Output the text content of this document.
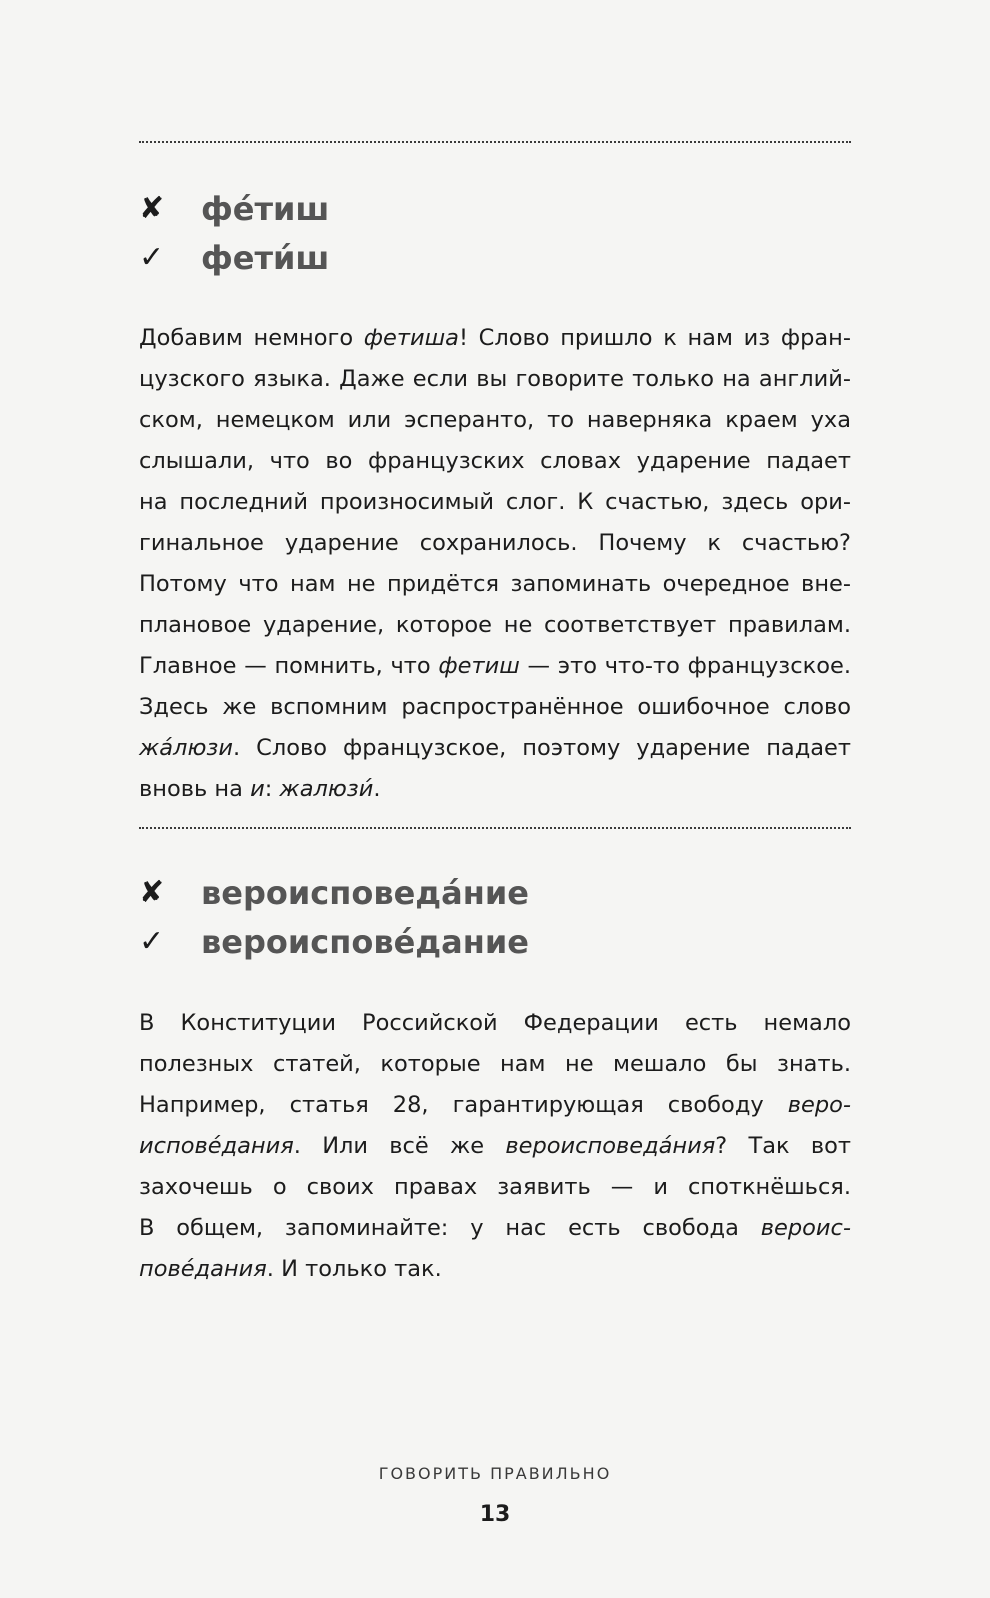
✘	фе́тиш
✓	фети́ш
Добавим немного фетиша! Слово пришло к нам из фран-
цузского языка. Даже если вы говорите только на англий-
ском, немецком или эсперанто, то наверняка краем уха
слышали, что во французских словах ударение падает
на последний произносимый слог. К счастью, здесь ори-
гинальное ударение сохранилось. Почему к счастью?
Потому что нам не придётся запоминать очередное вне-
плановое ударение, которое не соответствует правилам.
Главное — помнить, что фетиш — это что-то французское.
Здесь же вспомним распространённое ошибочное слово
жа́люзи. Слово французское, поэтому ударение падает
вновь на и: жалюзи́.
✘	вероисповеда́ние
✓	вероиспове́дание
В Конституции Российской Федерации есть немало
полезных статей, которые нам не мешало бы знать.
Например, статья 28, гарантирующая свободу веро-
испове́дания. Или всё же вероисповеда́ния? Так вот
захочешь о своих правах заявить — и споткнёшься.
В общем, запоминайте: у нас есть свобода вероис-
пове́дания. И только так.
ГОВОРИТЬ ПРАВИЛЬНО
13
